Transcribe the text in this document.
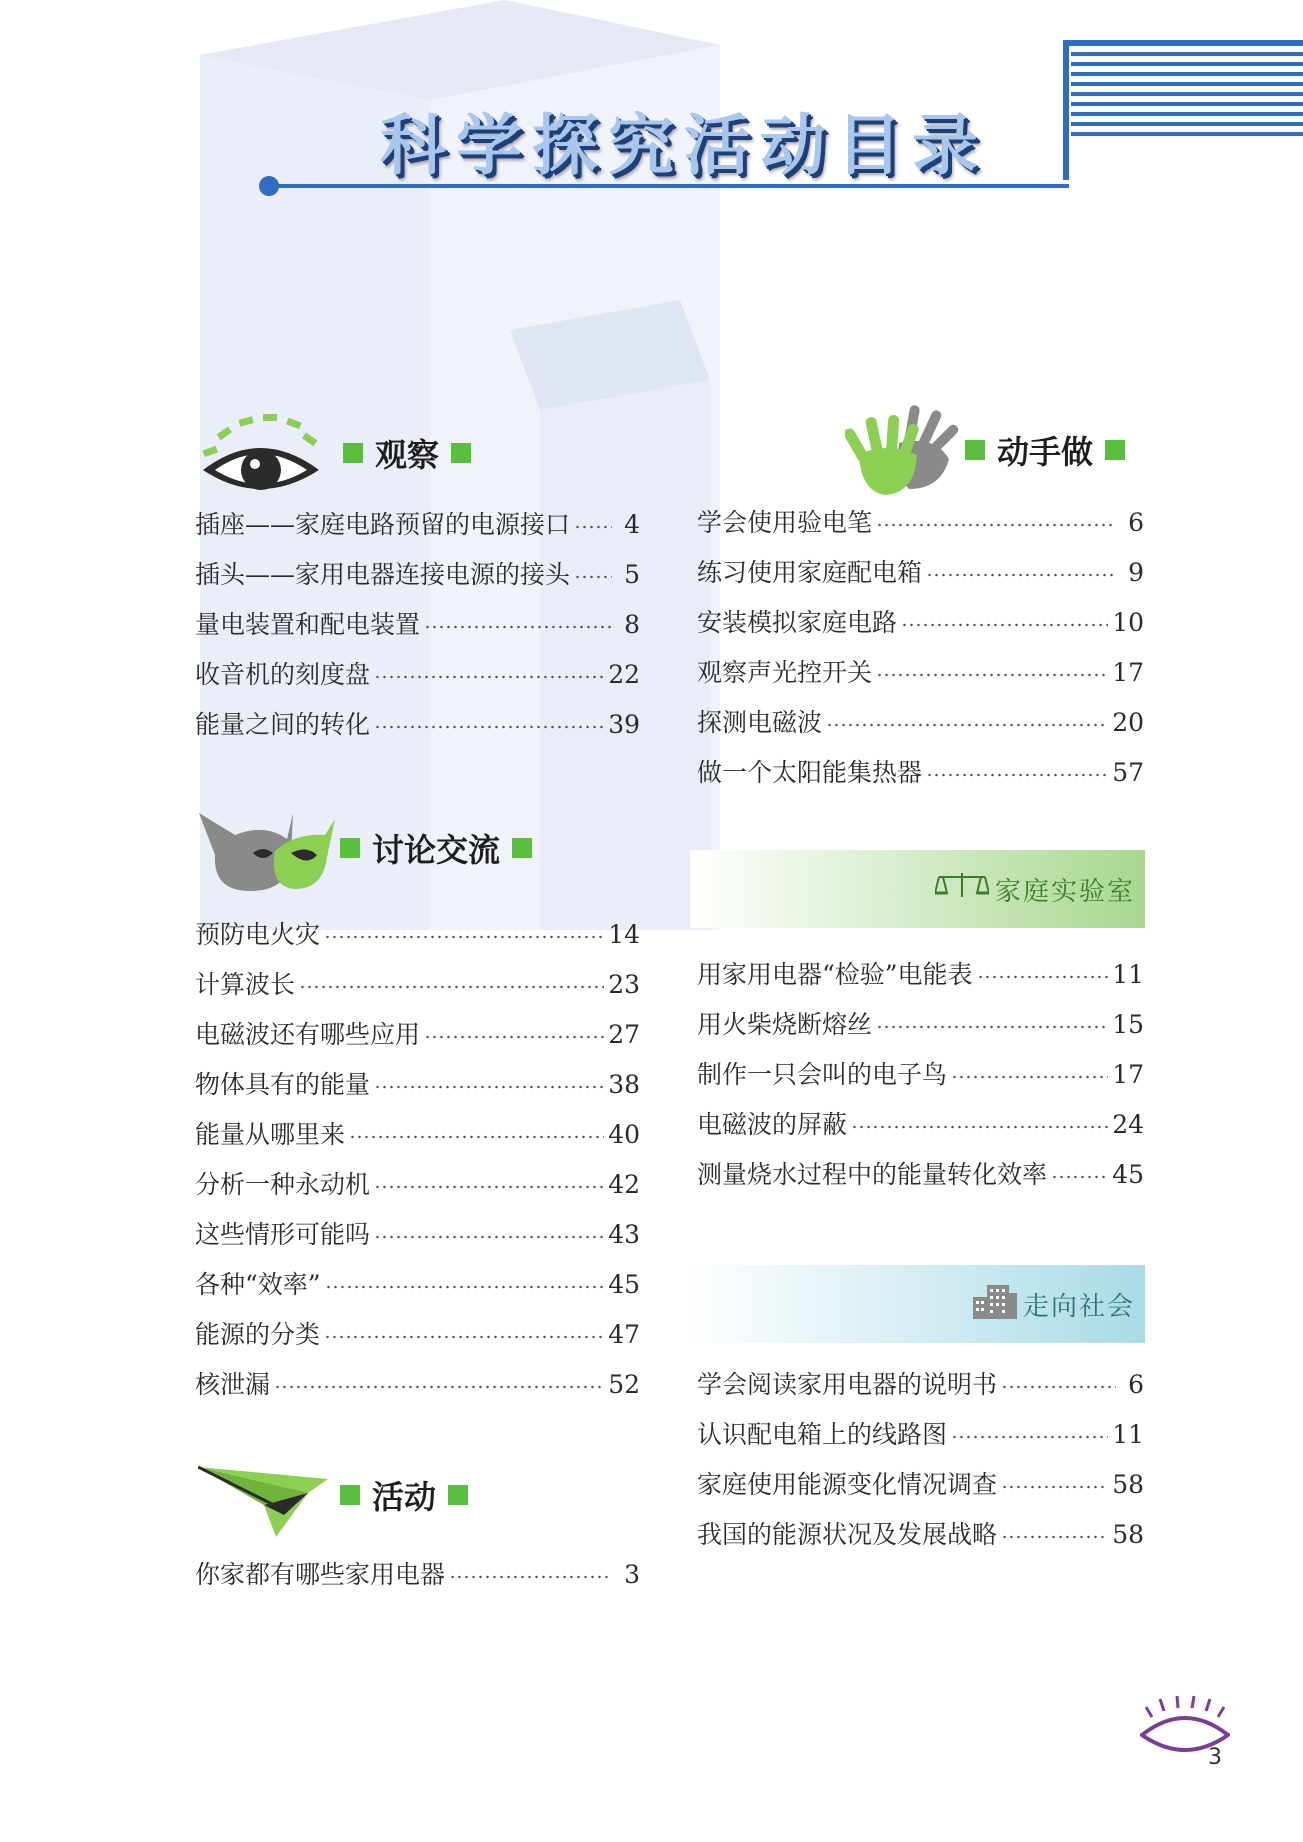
科学探究活动目录
观察
插座——家庭电路预留的电源接口	4
插头——家用电器连接电源的接头	5
量电装置和配电装置	8
收音机的刻度盘	22
能量之间的转化	39
讨论交流
预防电火灾	14
计算波长	23
电磁波还有哪些应用	27
物体具有的能量	38
能量从哪里来	40
分析一种永动机	42
这些情形可能吗	43
各种“效率”	45
能源的分类	47
核泄漏	52
活动
你家都有哪些家用电器	3
动手做
学会使用验电笔	6
练习使用家庭配电箱	9
安装模拟家庭电路	10
观察声光控开关	17
探测电磁波	20
做一个太阳能集热器	57
家庭实验室
用家用电器“检验”电能表	11
用火柴烧断熔丝	15
制作一只会叫的电子鸟	17
电磁波的屏蔽	24
测量烧水过程中的能量转化效率	45
走向社会
学会阅读家用电器的说明书	6
认识配电箱上的线路图	11
家庭使用能源变化情况调查	58
我国的能源状况及发展战略	58
3
